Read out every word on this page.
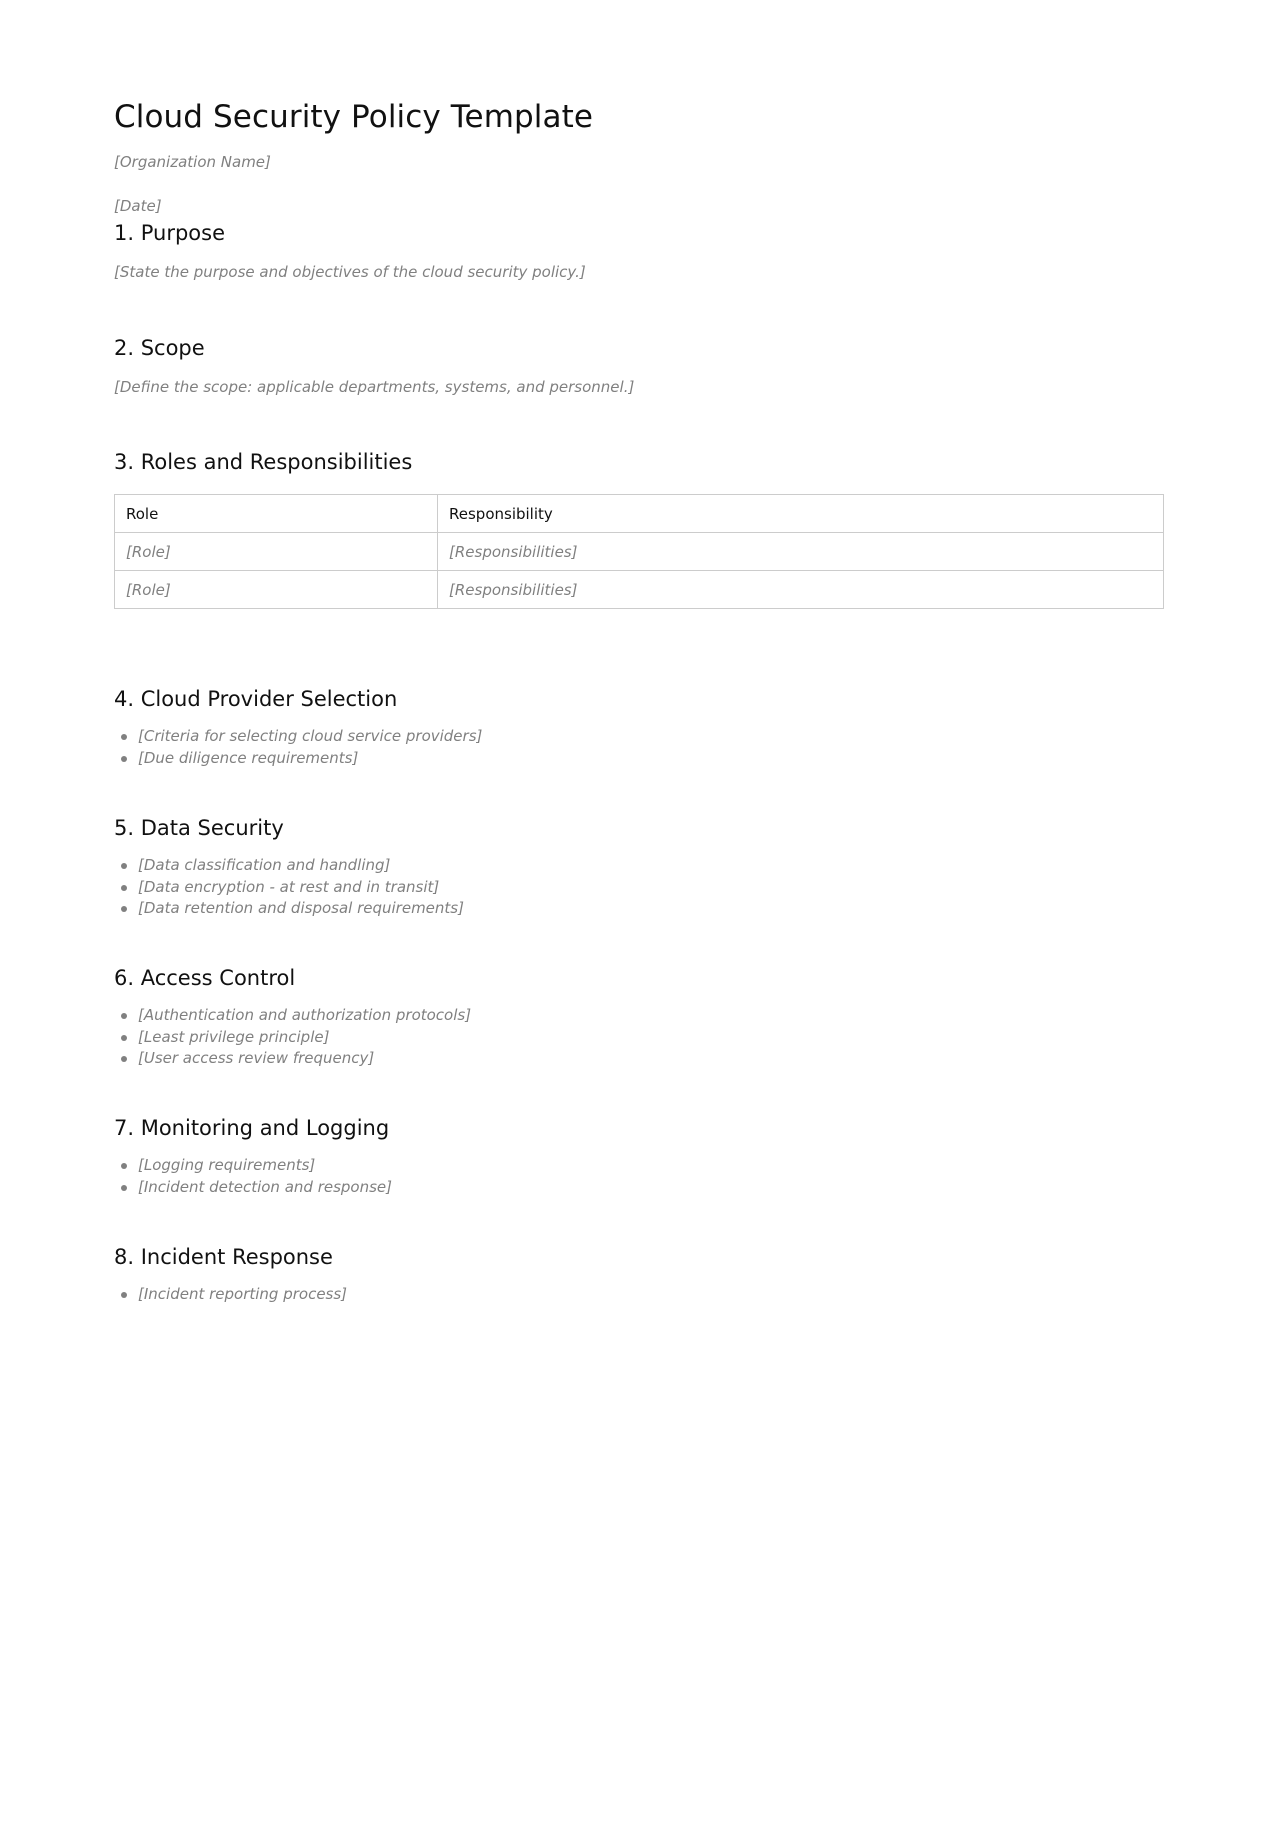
Cloud Security Policy Template

[Organization Name]

[Date]

1. Purpose

[State the purpose and objectives of the cloud security policy.]

2. Scope

[Define the scope: applicable departments, systems, and personnel.]

3. Roles and Responsibilities
Role	Responsibility
[Role]	[Responsibilities]
[Role]	[Responsibilities]
4. Cloud Provider Selection
[Criteria for selecting cloud service providers]
[Due diligence requirements]
5. Data Security
[Data classification and handling]
[Data encryption - at rest and in transit]
[Data retention and disposal requirements]
6. Access Control
[Authentication and authorization protocols]
[Least privilege principle]
[User access review frequency]
7. Monitoring and Logging
[Logging requirements]
[Incident detection and response]
8. Incident Response
[Incident reporting process]
